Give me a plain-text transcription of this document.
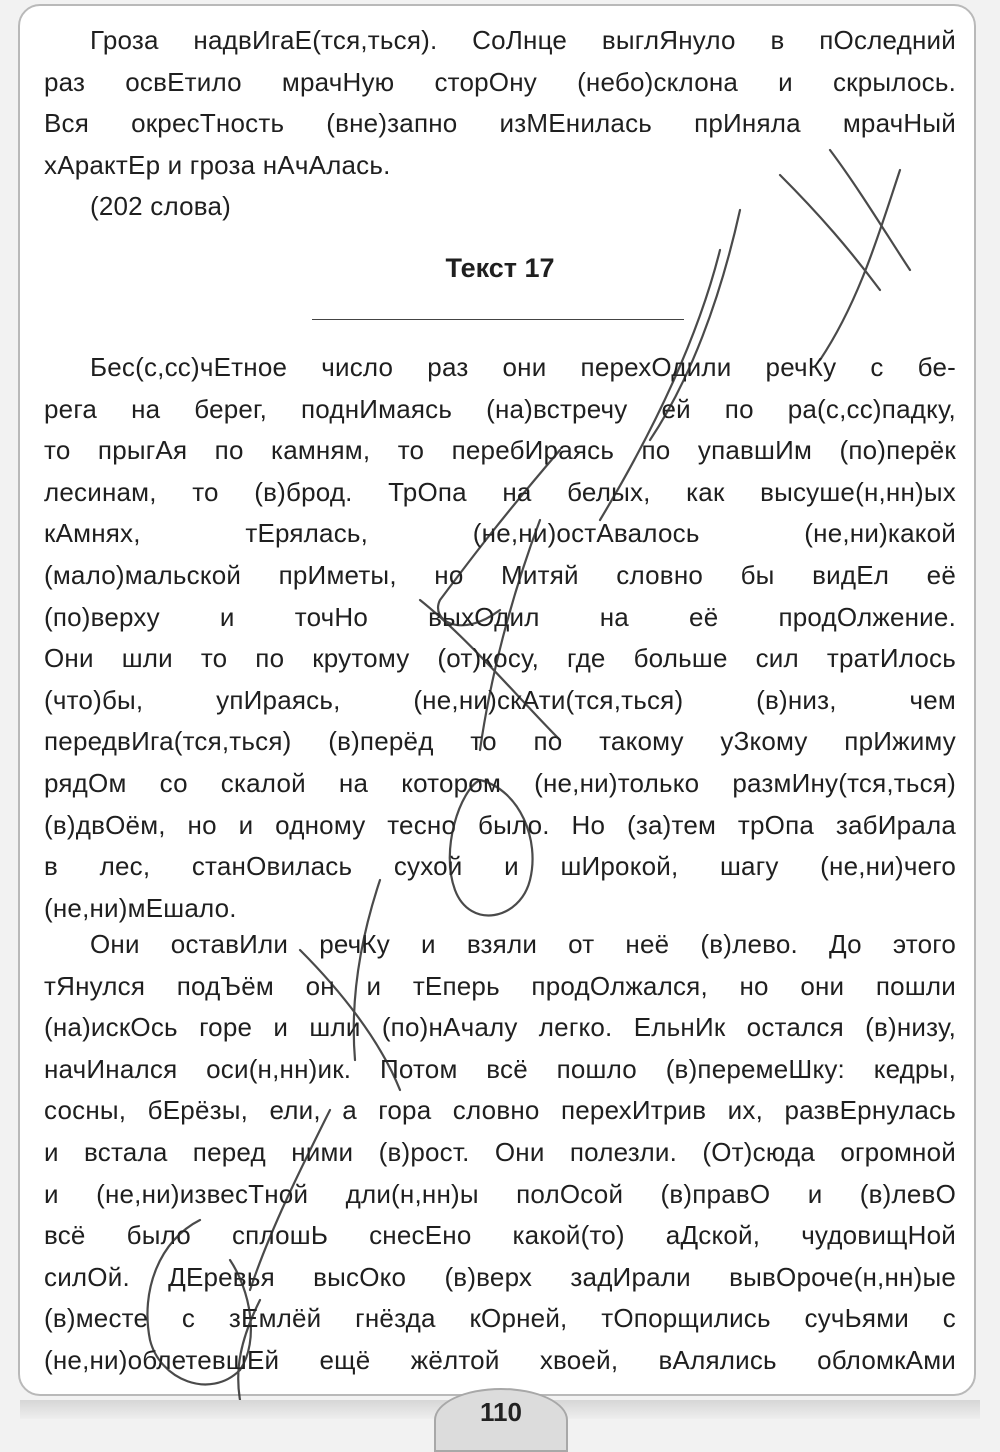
Гроза надвИгаЕ(тся,ться). СоЛнце выглЯнуло в пОследний
раз освЕтило мрачНую сторОну (небо)склона и скрылось.
Вся окресТность (вне)запно изМЕнилась прИняла мрачНый
хАрактЕр и гроза нАчАлась.
(202 слова)
Текст 17
Бес(с,сс)чЕтное число раз они перехОдили речКу с бе-
рега на берег, поднИмаясь (на)встречу ей по ра(с,сс)падку,
то прыгАя по камням, то перебИраясь по упавшИм (по)перёк
лесинам, то (в)брод. ТрОпа на белых, как высуше(н,нн)ых
кАмнях, тЕрялась, (не,ни)остАвалось (не,ни)какой
(мало)мальской прИметы, но Митяй словно бы видЕл её
(по)верху и точНо выхОдил на её продОлжение.
Они шли то по крутому (от)косу, где больше сил тратИлось
(что)бы, упИраясь, (не,ни)скАти(тся,ться) (в)низ, чем
передвИга(тся,ться) (в)перёд то по такому уЗкому прИжиму
рядОм со скалой на котором (не,ни)только размИну(тся,ться)
(в)двОём, но и одному тесно было. Но (за)тем трОпа забИрала
в лес, станОвилась сухой и шИрокой, шагу (не,ни)чего
(не,ни)мЕшало.
Они оставИли речКу и взяли от неё (в)лево. До этого
тЯнулся подЪём он и тЕперь продОлжался, но они пошли
(на)искОсь горе и шли (по)нАчалу легко. ЕльнИк остался (в)низу,
начИнался оси(н,нн)ик. Потом всё пошло (в)перемеШку: кедры,
сосны, бЕрёзы, ели, а гора словно перехИтрив их, развЕрнулась
и встала перед ними (в)рост. Они полезли. (От)сюда огромной
и (не,ни)извесТной дли(н,нн)ы полОсой (в)правО и (в)левО
всё было сплошЬ снесЕно какой(то) аДской, чудовищНой
силОй. ДЕревья высОко (в)верх задИрали вывОроче(н,нн)ые
(в)месте с зЕмлёй гнёзда кОрней, тОпорщились сучЬями с
(не,ни)облетевшЕй ещё жёлтой хвоей, вАлялись обломкАми
110
